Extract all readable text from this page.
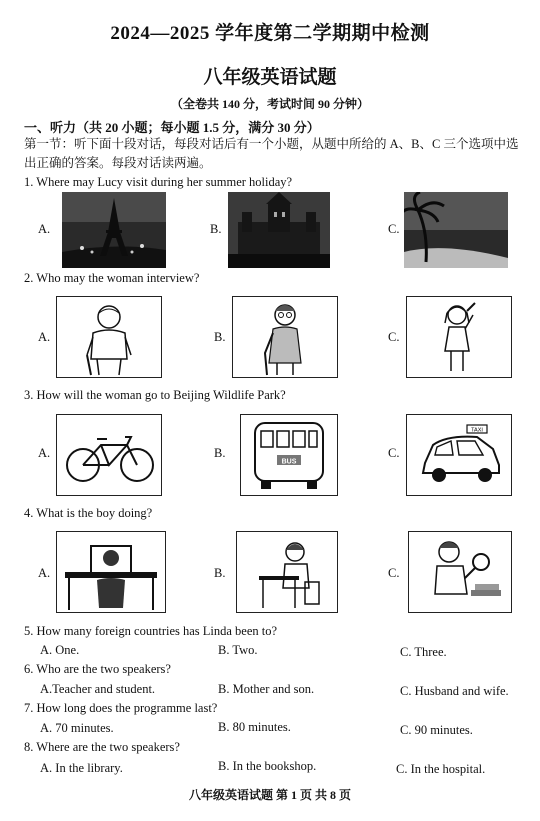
2024—2025 学年度第二学期期中检测
八年级英语试题
（全卷共 140 分，考试时间 90 分钟）
一、听力（共 20 小题；每小题 1.5 分，满分 30 分）
第一节：听下面十段对话，每段对话后有一个小题，从题中所给的 A、B、C 三个选项中选出正确的答案。每段对话读两遍。
1. Where may Lucy visit during her summer holiday?
A.	B.	C.
2. Who may the woman interview?
A.	B.	C.
3. How will the woman go to Beijing Wildlife Park?
A.	B.	C.
BUS
TAXI
4. What is the boy doing?
A.	B.	C.
5. How many foreign countries has Linda been to?
A. One.	B. Two.	C. Three.
6. Who are the two speakers?
A.Teacher and student.	B. Mother and son.	C. Husband and wife.
7. How long does the programme last?
A. 70 minutes.	B. 80 minutes.	C. 90 minutes.
8. Where are the two speakers?
A. In the library.	B. In the bookshop.	C. In the hospital.
八年级英语试题 第 1 页 共 8 页
